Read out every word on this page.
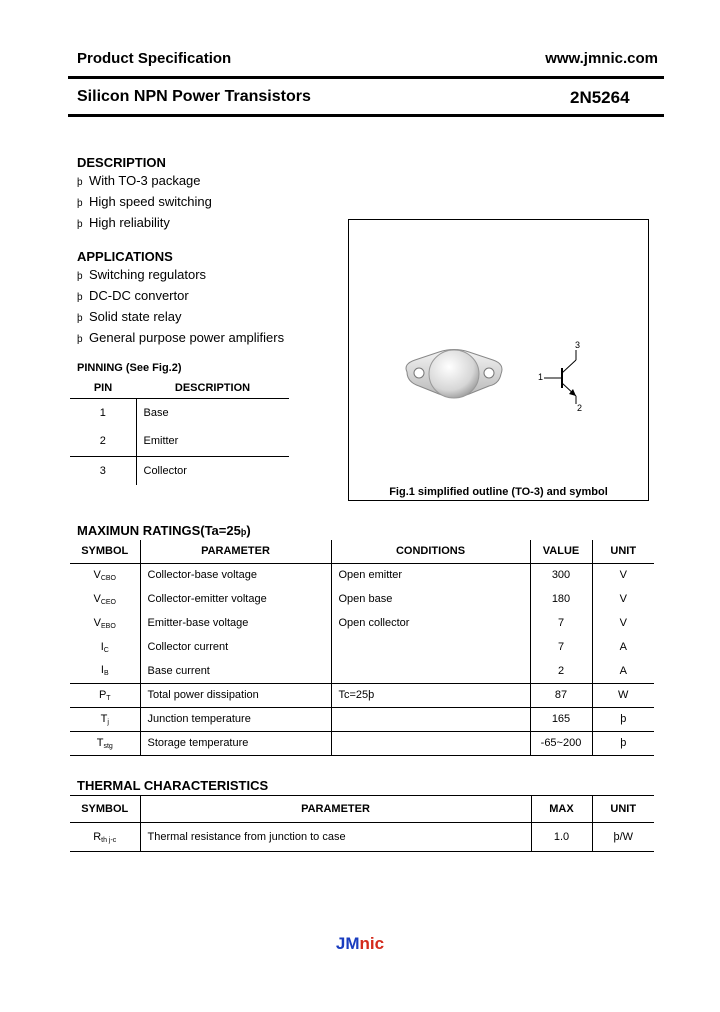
Product Specification	www.jmnic.com
Silicon NPN Power Transistors	2N5264
DESCRIPTION
þ With TO-3 package
þ High speed switching
þ High reliability
APPLICATIONS
þ Switching regulators
þ DC-DC convertor
þ Solid state relay
þ General purpose power amplifiers
PINNING (See Fig.2)
PIN	DESCRIPTION
1	Base
2	Emitter
3	Collector
3
1
2
Fig.1 simplified outline (TO-3) and symbol
MAXIMUN RATINGS(Ta=25þ)
SYMBOL	PARAMETER	CONDITIONS	VALUE	UNIT
$V_{CBO}$	Collector-base voltage	Open emitter	300	V
$V_{CEO}$	Collector-emitter voltage	Open base	180	V
$V_{EBO}$	Emitter-base voltage	Open collector	7	V
$I_C$	Collector current		7	A
$I_B$	Base current		2	A
$P_T$	Total power dissipation	Tc=25þ	87	W
$T_j$	Junction temperature		165	þ
$T_{stg}$	Storage temperature		-65~200	þ
THERMAL CHARACTERISTICS
SYMBOL	PARAMETER	MAX	UNIT
$R_{th j-c}$	Thermal resistance from junction to case	1.0	þ/W
JMnic
